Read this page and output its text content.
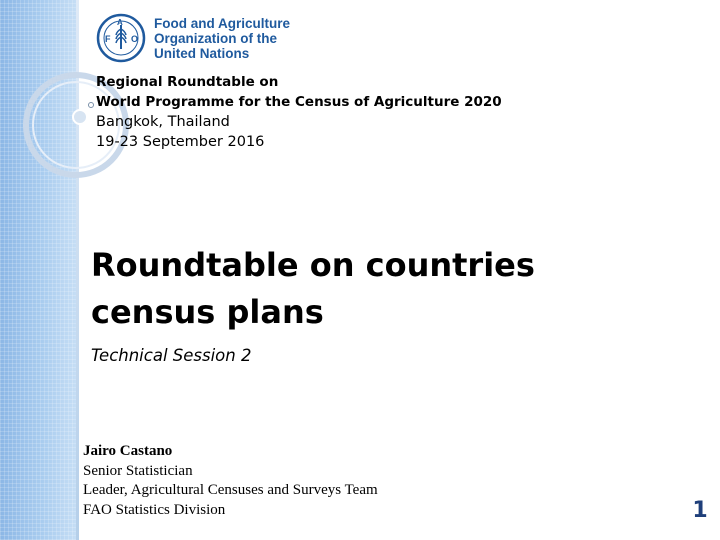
F
A
O
Food and Agriculture
Organization of the
United Nations
Regional Roundtable on
World Programme for the Census of Agriculture 2020
Bangkok, Thailand
19-23 September 2016
Roundtable on countries census plans
Technical Session 2
Jairo Castano
Senior Statistician
Leader, Agricultural Censuses and Surveys Team
FAO Statistics Division	1
